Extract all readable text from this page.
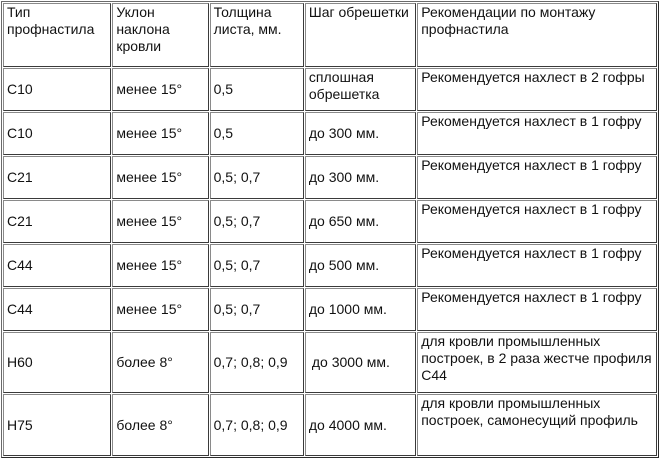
Тип профнастила	Уклон наклона кровли	Толщина листа, мм.	Шаг обрешетки	Рекомендации по монтажу профнастила
С10	менее 15°	0,5	сплошная обрешетка	Рекомендуется нахлест в 2 гофры
С10	менее 15°	0,5	до 300 мм.	Рекомендуется нахлест в 1 гофру
С21	менее 15°	0,5; 0,7	до 300 мм.	Рекомендуется нахлест в 1 гофру
С21	менее 15°	0,5; 0,7	до 650 мм.	Рекомендуется нахлест в 1 гофру
С44	менее 15°	0,5; 0,7	до 500 мм.	Рекомендуется нахлест в 1 гофру
С44	менее 15°	0,5; 0,7	до 1000 мм.	Рекомендуется нахлест в 1 гофру
Н60	более 8°	0,7; 0,8; 0,9	до 3000 мм.	для кровли промышленных построек, в 2 раза жестче профиля С44
Н75	более 8°	0,7; 0,8; 0,9	до 4000 мм.	для кровли промышленных построек, самонесущий профиль
